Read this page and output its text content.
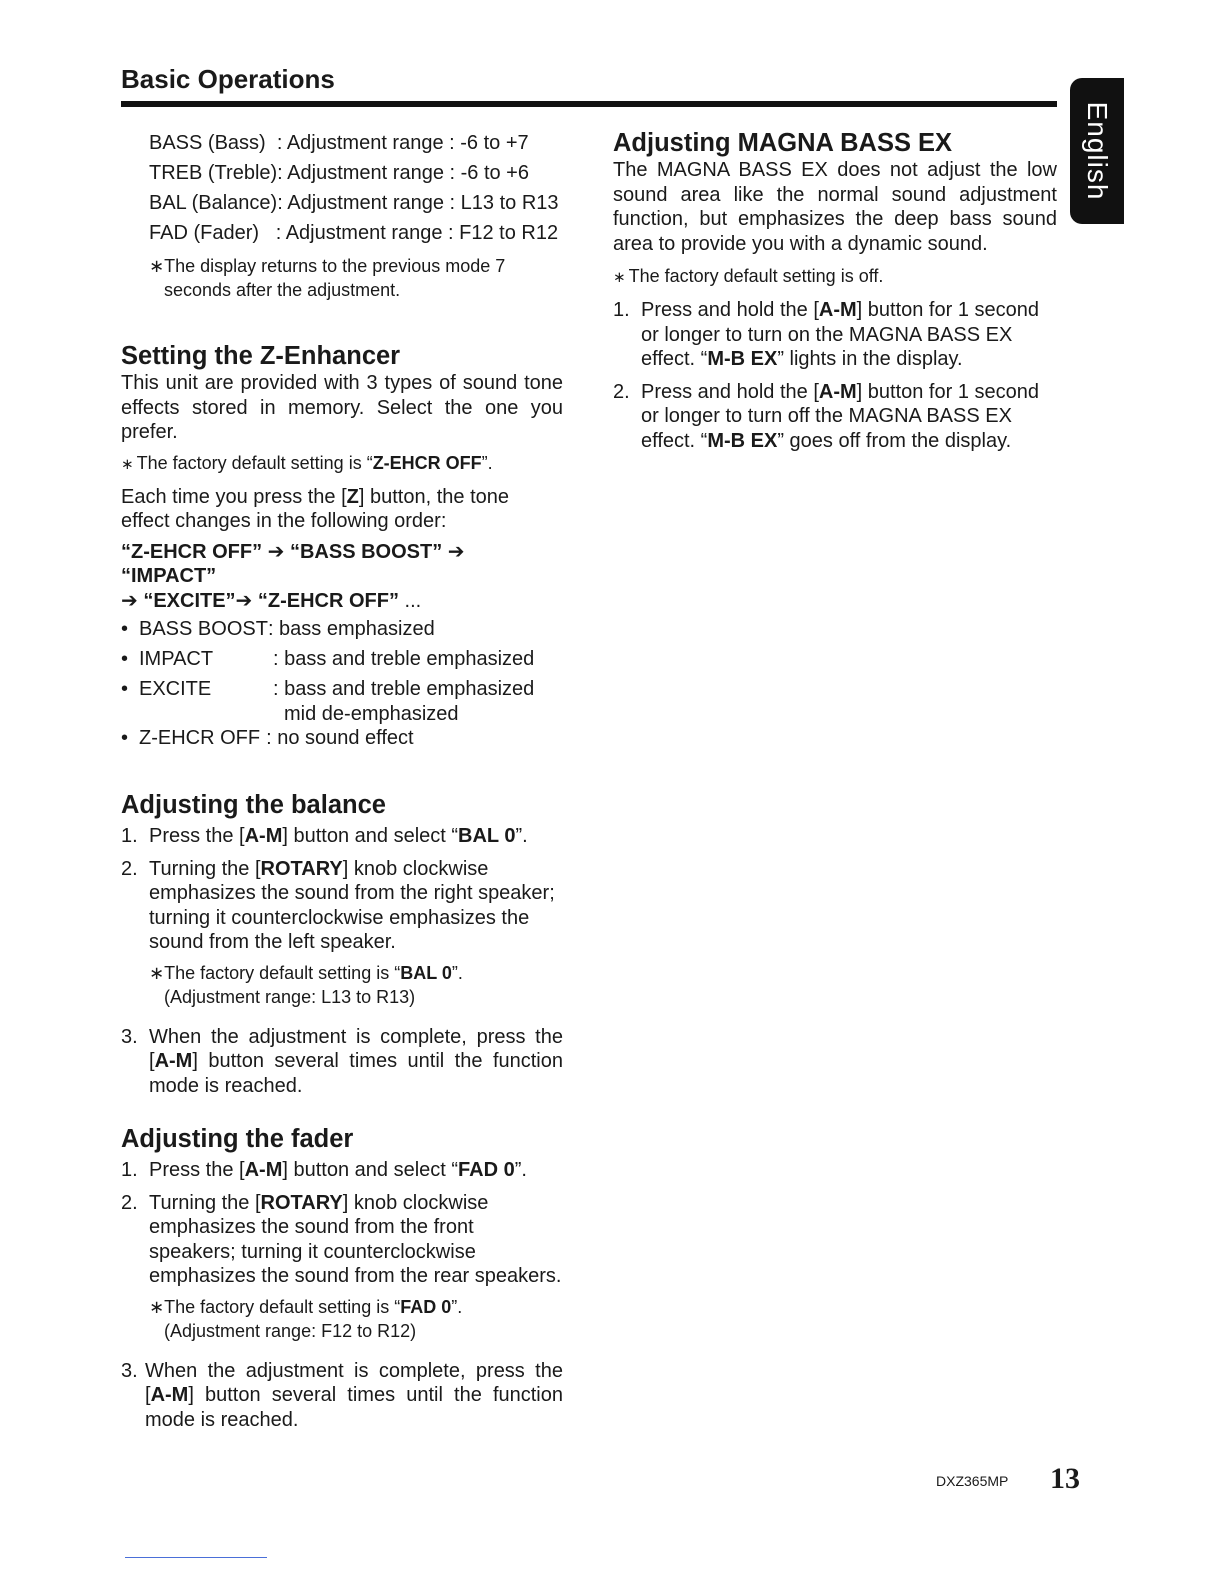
Basic Operations
English
BASS (Bass) : Adjustment range : -6 to +7
TREB (Treble) : Adjustment range : -6 to +6
BAL (Balance) : Adjustment range : L13 to R13
FAD (Fader) : Adjustment range : F12 to R12

∗The display returns to the previous mode 7 seconds after the adjustment.

Setting the Z-Enhancer

This unit are provided with 3 types of sound tone effects stored in memory. Select the one you prefer.

∗ The factory default setting is “Z-EHCR OFF”.

Each time you press the [Z] button, the tone effect changes in the following order:

“Z-EHCR OFF” ➔ “BASS BOOST” ➔ “IMPACT”
➔ “EXCITE”➔ “Z-EHCR OFF” ...

• BASS BOOST : bass emphasized
• IMPACT	: bass and treble emphasized
• EXCITE	: bass and treble emphasized mid de-emphasized
• Z-EHCR OFF : no sound effect
Adjusting the balance
1. Press the [A-M] button and select “BAL 0”.
2. Turning the [ROTARY] knob clockwise emphasizes the sound from the right speaker; turning it counterclockwise emphasizes the sound from the left speaker.
∗The factory default setting is “BAL 0”.
(Adjustment range: L13 to R13)
3. When the adjustment is complete, press the [A-M] button several times until the function mode is reached.
Adjusting the fader
1. Press the [A-M] button and select “FAD 0”.
2. Turning the [ROTARY] knob clockwise emphasizes the sound from the front speakers; turning it counterclockwise emphasizes the sound from the rear speakers.
∗The factory default setting is “FAD 0”.
(Adjustment range: F12 to R12)
3. When the adjustment is complete, press the [A-M] button several times until the function mode is reached.
Adjusting MAGNA BASS EX

The MAGNA BASS EX does not adjust the low sound area like the normal sound adjustment function, but emphasizes the deep bass sound area to provide you with a dynamic sound.

∗ The factory default setting is off.

1. Press and hold the [A-M] button for 1 second or longer to turn on the MAGNA BASS EX effect. “M-B EX” lights in the display.
2. Press and hold the [A-M] button for 1 second or longer to turn off the MAGNA BASS EX effect. “M-B EX” goes off from the display.
DXZ365MP 13
